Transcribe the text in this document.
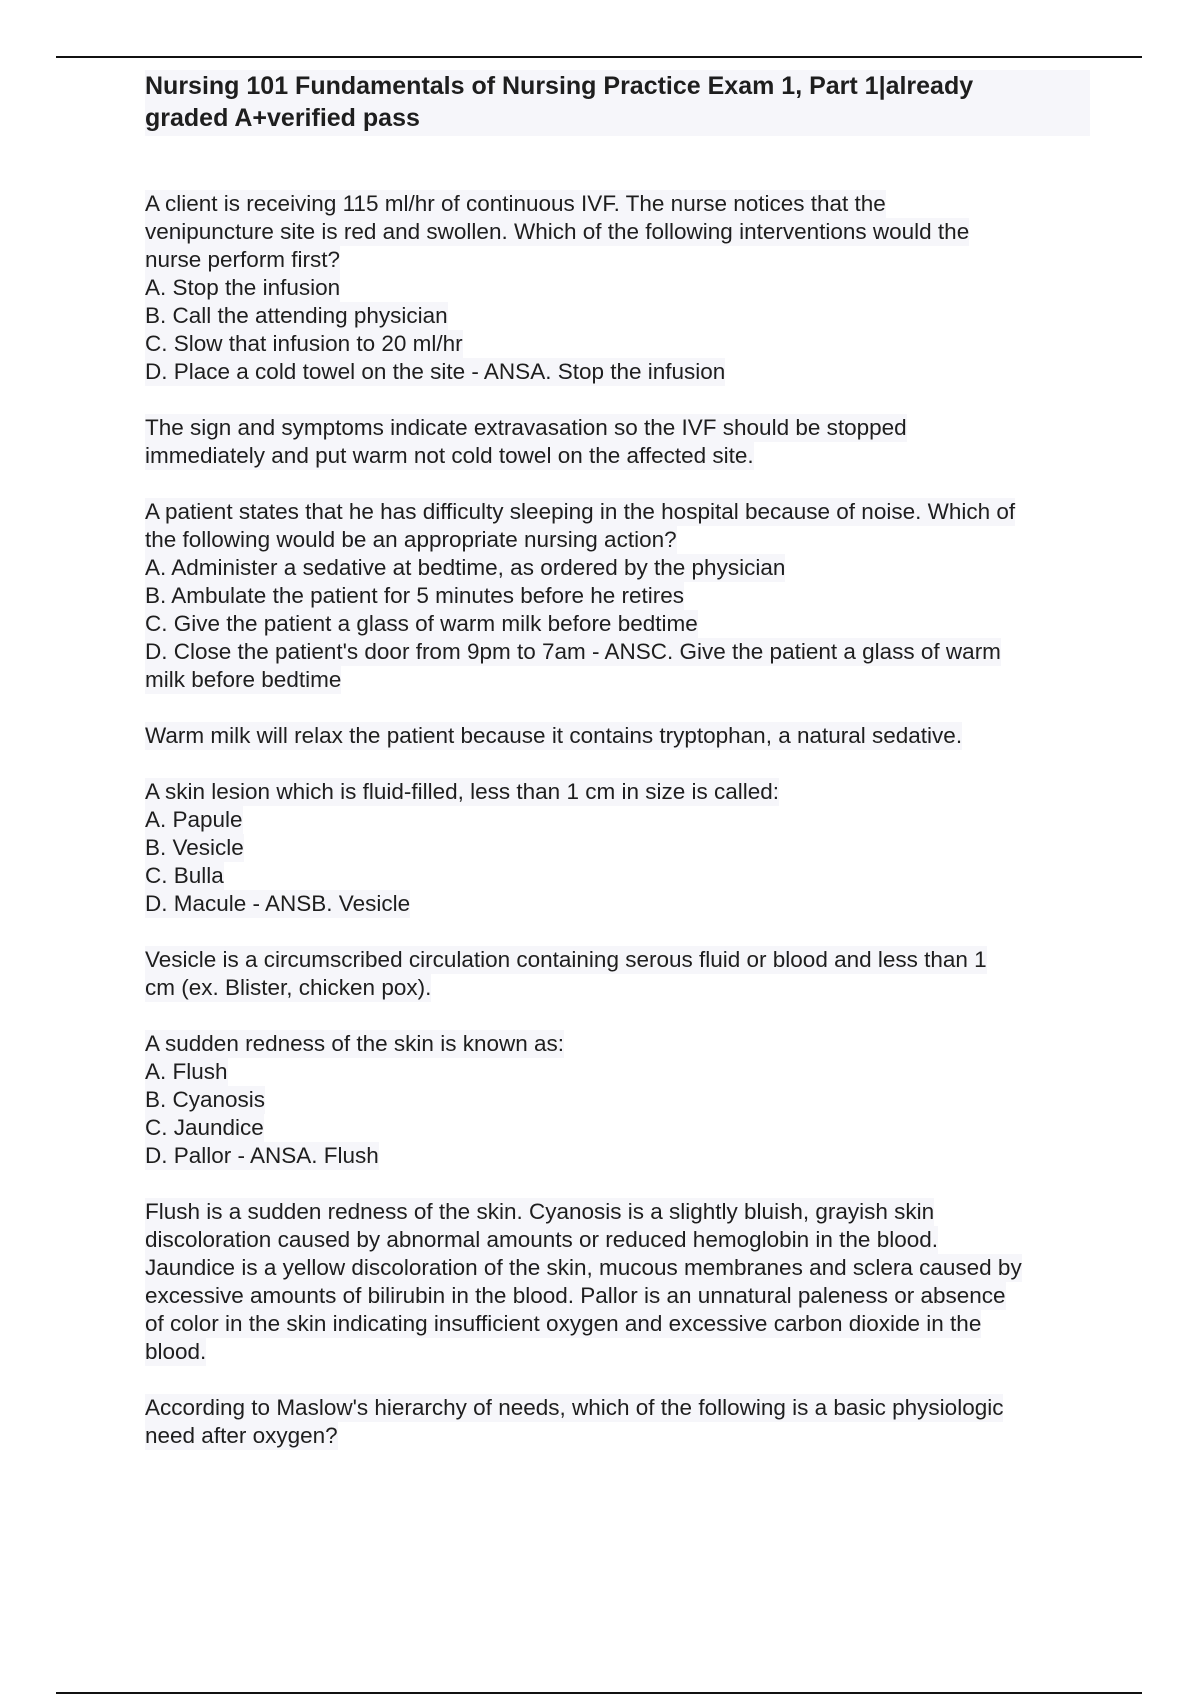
Nursing 101 Fundamentals of Nursing Practice Exam 1, Part 1|already
graded A+verified pass
A client is receiving 115 ml/hr of continuous IVF. The nurse notices that the
venipuncture site is red and swollen. Which of the following interventions would the
nurse perform first?
A. Stop the infusion
B. Call the attending physician
C. Slow that infusion to 20 ml/hr
D. Place a cold towel on the site - ANSA. Stop the infusion
The sign and symptoms indicate extravasation so the IVF should be stopped
immediately and put warm not cold towel on the affected site.
A patient states that he has difficulty sleeping in the hospital because of noise. Which of
the following would be an appropriate nursing action?
A. Administer a sedative at bedtime, as ordered by the physician
B. Ambulate the patient for 5 minutes before he retires
C. Give the patient a glass of warm milk before bedtime
D. Close the patient's door from 9pm to 7am - ANSC. Give the patient a glass of warm
milk before bedtime
Warm milk will relax the patient because it contains tryptophan, a natural sedative.
A skin lesion which is fluid-filled, less than 1 cm in size is called:
A. Papule
B. Vesicle
C. Bulla
D. Macule - ANSB. Vesicle
Vesicle is a circumscribed circulation containing serous fluid or blood and less than 1
cm (ex. Blister, chicken pox).
A sudden redness of the skin is known as:
A. Flush
B. Cyanosis
C. Jaundice
D. Pallor - ANSA. Flush
Flush is a sudden redness of the skin. Cyanosis is a slightly bluish, grayish skin
discoloration caused by abnormal amounts or reduced hemoglobin in the blood.
Jaundice is a yellow discoloration of the skin, mucous membranes and sclera caused by
excessive amounts of bilirubin in the blood. Pallor is an unnatural paleness or absence
of color in the skin indicating insufficient oxygen and excessive carbon dioxide in the
blood.
According to Maslow's hierarchy of needs, which of the following is a basic physiologic
need after oxygen?
